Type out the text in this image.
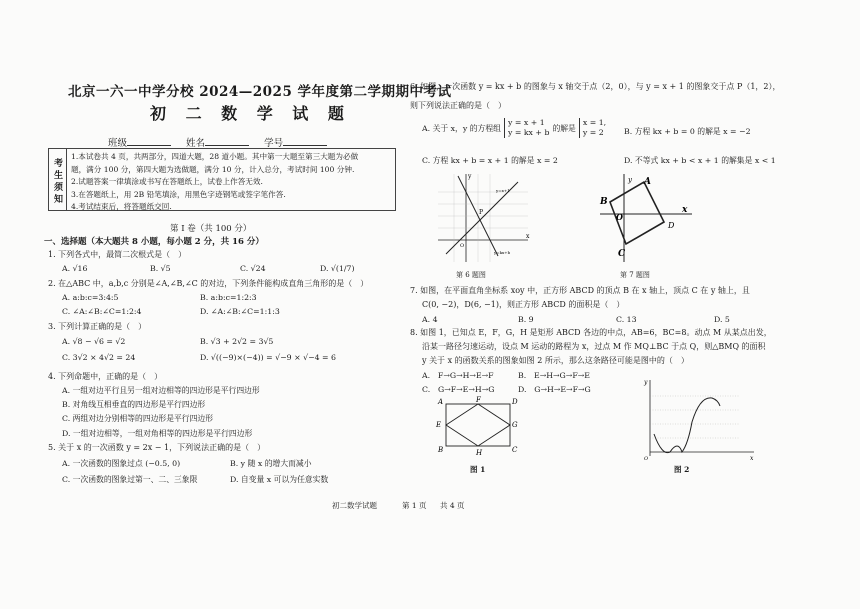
北京一六一中学分校 2024—2025 学年度第二学期期中考试
初 二 数 学 试 题
班级	姓名	学号
考生须知
1.本试卷共 4 页，共两部分，四道大题，28 道小题。其中第一大题至第三大题为必做
题，满分 100 分，第四大题为选做题，满分 10 分，计入总分，考试时间 100 分钟.
2.试题答案一律填涂或书写在答题纸上，试卷上作答无效.
3.在答题纸上，用 2B 铅笔填涂，用黑色字迹钢笔或签字笔作答.
4.考试结束后，将答题纸交回.
第 Ⅰ 卷（共 100 分）
一、选择题（本大题共 8 小题，每小题 2 分，共 16 分）
1. 下列各式中，最简二次根式是（　）
A. √16	B. √5	C. √24	D. √(1/7)
2. 在△ABC 中，a,b,c 分别是∠A,∠B,∠C 的对边，下列条件能构成直角三角形的是（　）
A. a:b:c=3:4:5	B. a:b:c=1:2:3
C. ∠A:∠B:∠C=1:2:4	D. ∠A:∠B:∠C=1:1:3
3. 下列计算正确的是（　）
A. √8 − √6 = √2	B. √3 + 2√2 = 3√5
C. 3√2 × 4√2 = 24	D. √((−9)×(−4)) = √−9 × √−4 = 6
4. 下列命题中，正确的是（　）
A. 一组对边平行且另一组对边相等的四边形是平行四边形
B. 对角线互相垂直的四边形是平行四边形
C. 两组对边分别相等的四边形是平行四边形
D. 一组对边相等，一组对角相等的四边形是平行四边形
5. 关于 x 的一次函数 y = 2x − 1，下列说法正确的是（　）
A. 一次函数的图象过点 (−0.5, 0)	B. y 随 x 的增大而减小
C. 一次函数的图象过第一、二、三象限	D. 自变量 x 可以为任意实数
初二数学试题	第 1 页 共 4 页
6. 如图，一次函数 y = kx + b 的图象与 x 轴交于点（2，0），与 y = x + 1 的图象交于点 P（1，2），
则下列说法正确的是（　）
A. 关于 x，y 的方程组
y = x + 1
y = kx + b 的解是
x = 1,
y = 2	B. 方程 kx + b = 0 的解是 x = −2
C. 方程 kx + b = x + 1 的解是 x = 2	D. 不等式 kx + b < x + 1 的解集是 x < 1
x
y
O
P
y=x+1
y=kx+b
第 6 题图
A
B
C
D
O
x
y
第 7 题图
7. 如图，在平面直角坐标系 xoy 中，正方形 ABCD 的顶点 B 在 x 轴上，顶点 C 在 y 轴上，且
C(0, −2)，D(6, −1)，则正方形 ABCD 的面积是（　）
A. 4	B. 9	C. 13	D. 5
8. 如图 1，已知点 E，F，G，H 是矩形 ABCD 各边的中点，AB=6，BC=8。动点 M 从某点出发，
沿某一路径匀速运动，设点 M 运动的路程为 x，过点 M 作 MQ⊥BC 于点 Q，则△BMQ 的面积
y 关于 x 的函数关系的图象如图 2 所示，那么这条路径可能是图中的（　）
A.　F→G→H→E→F	B.　E→H→G→F→E
C.　G→F→E→H→G	D.　G→H→E→F→G
A
B	C
D
E
F
G
H
图 1
y
x
O
图 2
